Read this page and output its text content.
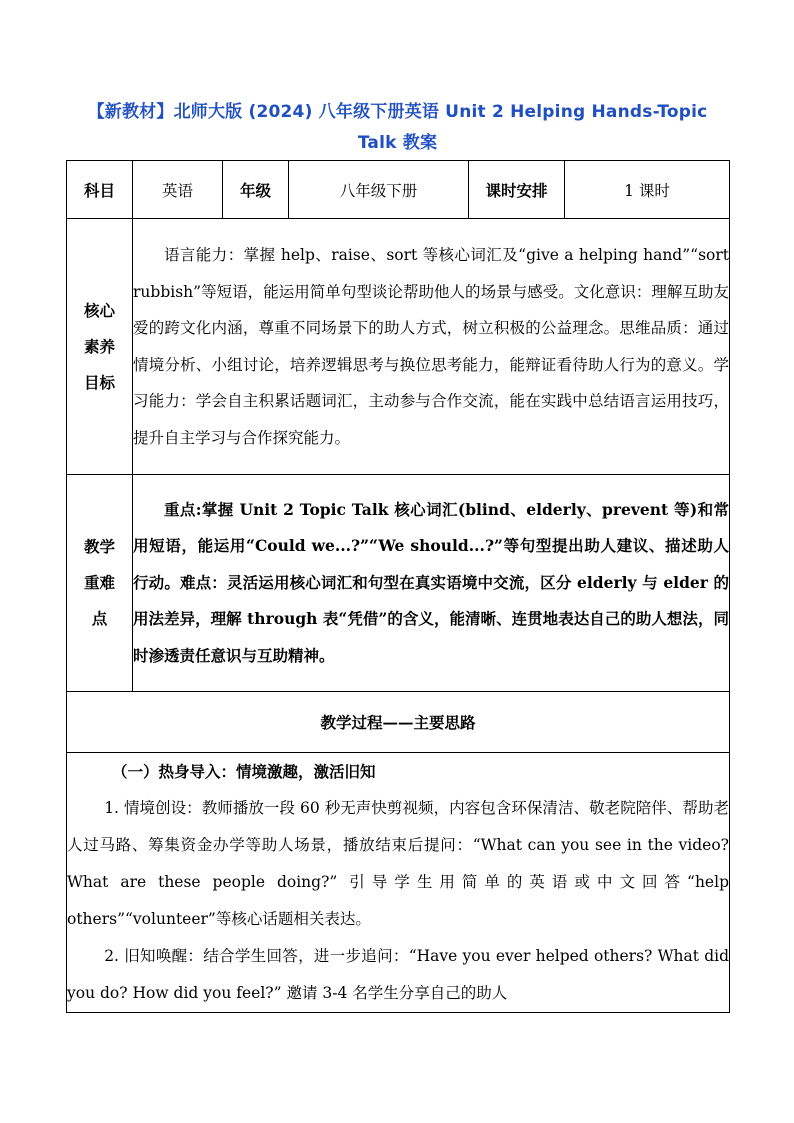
【新教材】北师大版 (2024) 八年级下册英语 Unit 2 Helping Hands-Topic Talk 教案
科目	英语	年级	八年级下册	课时安排	1 课时

核心素养目标	语言能力：掌握 help、raise、sort 等核心词汇及“give a helping hand”“sort rubbish”等短语，能运用简单句型谈论帮助他人的场景与感受。文化意识：理解互助友爱的跨文化内涵，尊重不同场景下的助人方式，树立积极的公益理念。思维品质：通过情境分析、小组讨论，培养逻辑思考与换位思考能力，能辩证看待助人行为的意义。学习能力：学会自主积累话题词汇，主动参与合作交流，能在实践中总结语言运用技巧，提升自主学习与合作探究能力。				

教学重难点	重点:掌握 Unit 2 Topic Talk 核心词汇(blind、elderly、prevent 等)和常用短语，能运用“Could we...?”“We should...?”等句型提出助人建议、描述助人行动。难点：灵活运用核心词汇和句型在真实语境中交流，区分 elderly 与 elder 的用法差异，理解 through 表“凭借”的含义，能清晰、连贯地表达自己的助人想法，同时渗透责任意识与互助精神。				
教学过程——主要思路					

（一）热身导入：情境激趣，激活旧知

1. 情境创设：教师播放一段 60 秒无声快剪视频，内容包含环保清洁、敬老院陪伴、帮助老人过马路、筹集资金办学等助人场景，播放结束后提问：“What can you see in the video? What are these people doing?” 引导学生用简单的英语或中文回答“help others”“volunteer”等核心话题相关表达。

2. 旧知唤醒：结合学生回答，进一步追问：“Have you ever helped others? What did you do? How did you feel?” 邀请 3-4 名学生分享自己的助人					
